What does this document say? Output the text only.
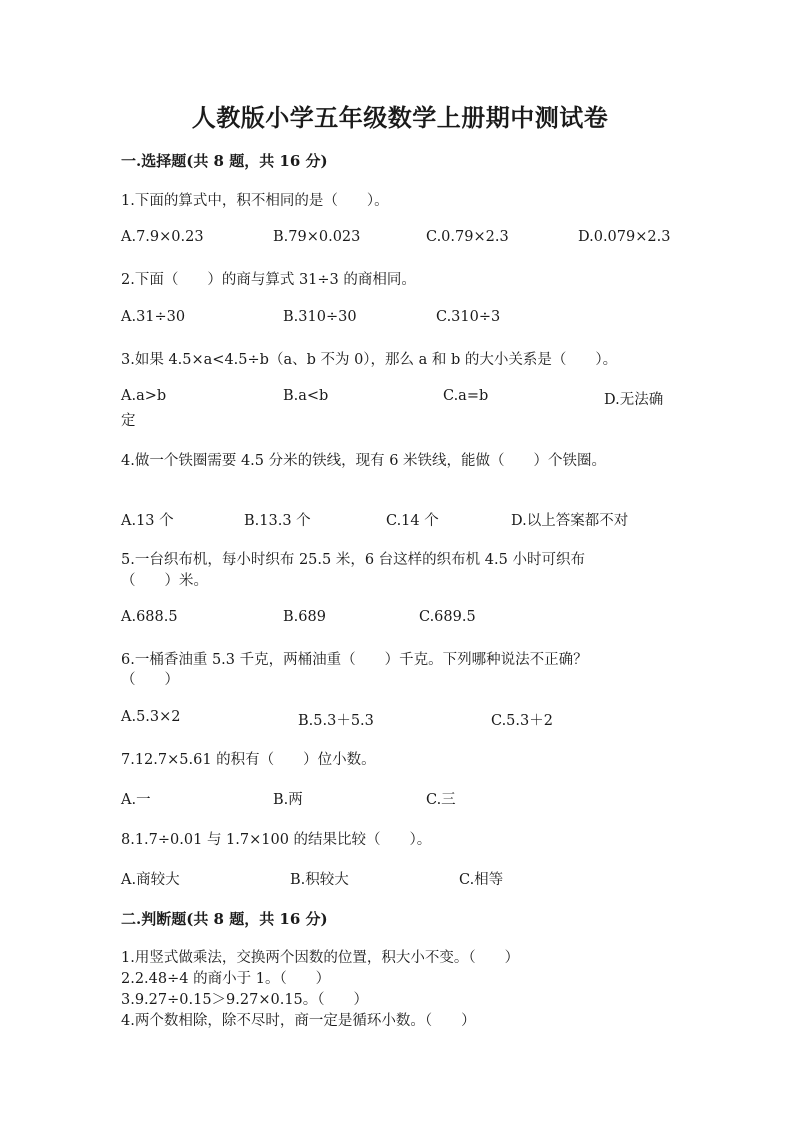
人教版小学五年级数学上册期中测试卷
一.选择题(共 8 题，共 16 分)
1.下面的算式中，积不相同的是（　　）。
A.7.9×0.23	B.79×0.023	C.0.79×2.3	D.0.079×2.3
2.下面（　　）的商与算式 31÷3 的商相同。
A.31÷30	B.310÷30	C.310÷3
3.如果 4.5×a<4.5÷b（a、b 不为 0），那么 a 和 b 的大小关系是（　　）。
A.a>b	B.a<b	C.a=b	D.无法确
定
4.做一个铁圈需要 4.5 分米的铁线，现有 6 米铁线，能做（　　）个铁圈。
A.13 个	B.13.3 个	C.14 个	D.以上答案都不对
5.一台织布机，每小时织布 25.5 米，6 台这样的织布机 4.5 小时可织布
（　　）米。
A.688.5	B.689	C.689.5
6.一桶香油重 5.3 千克，两桶油重（　　）千克。下列哪种说法不正确？
（　　）
A.5.3×2	B.5.3＋5.3	C.5.3＋2
7.12.7×5.61 的积有（　　）位小数。
A.一	B.两	C.三
8.1.7÷0.01 与 1.7×100 的结果比较（　　）。
A.商较大	B.积较大	C.相等
二.判断题(共 8 题，共 16 分)
1.用竖式做乘法，交换两个因数的位置，积大小不变。（　　）
2.2.48÷4 的商小于 1。（　　）
3.9.27÷0.15＞9.27×0.15。（　　）
4.两个数相除，除不尽时，商一定是循环小数。（　　）
